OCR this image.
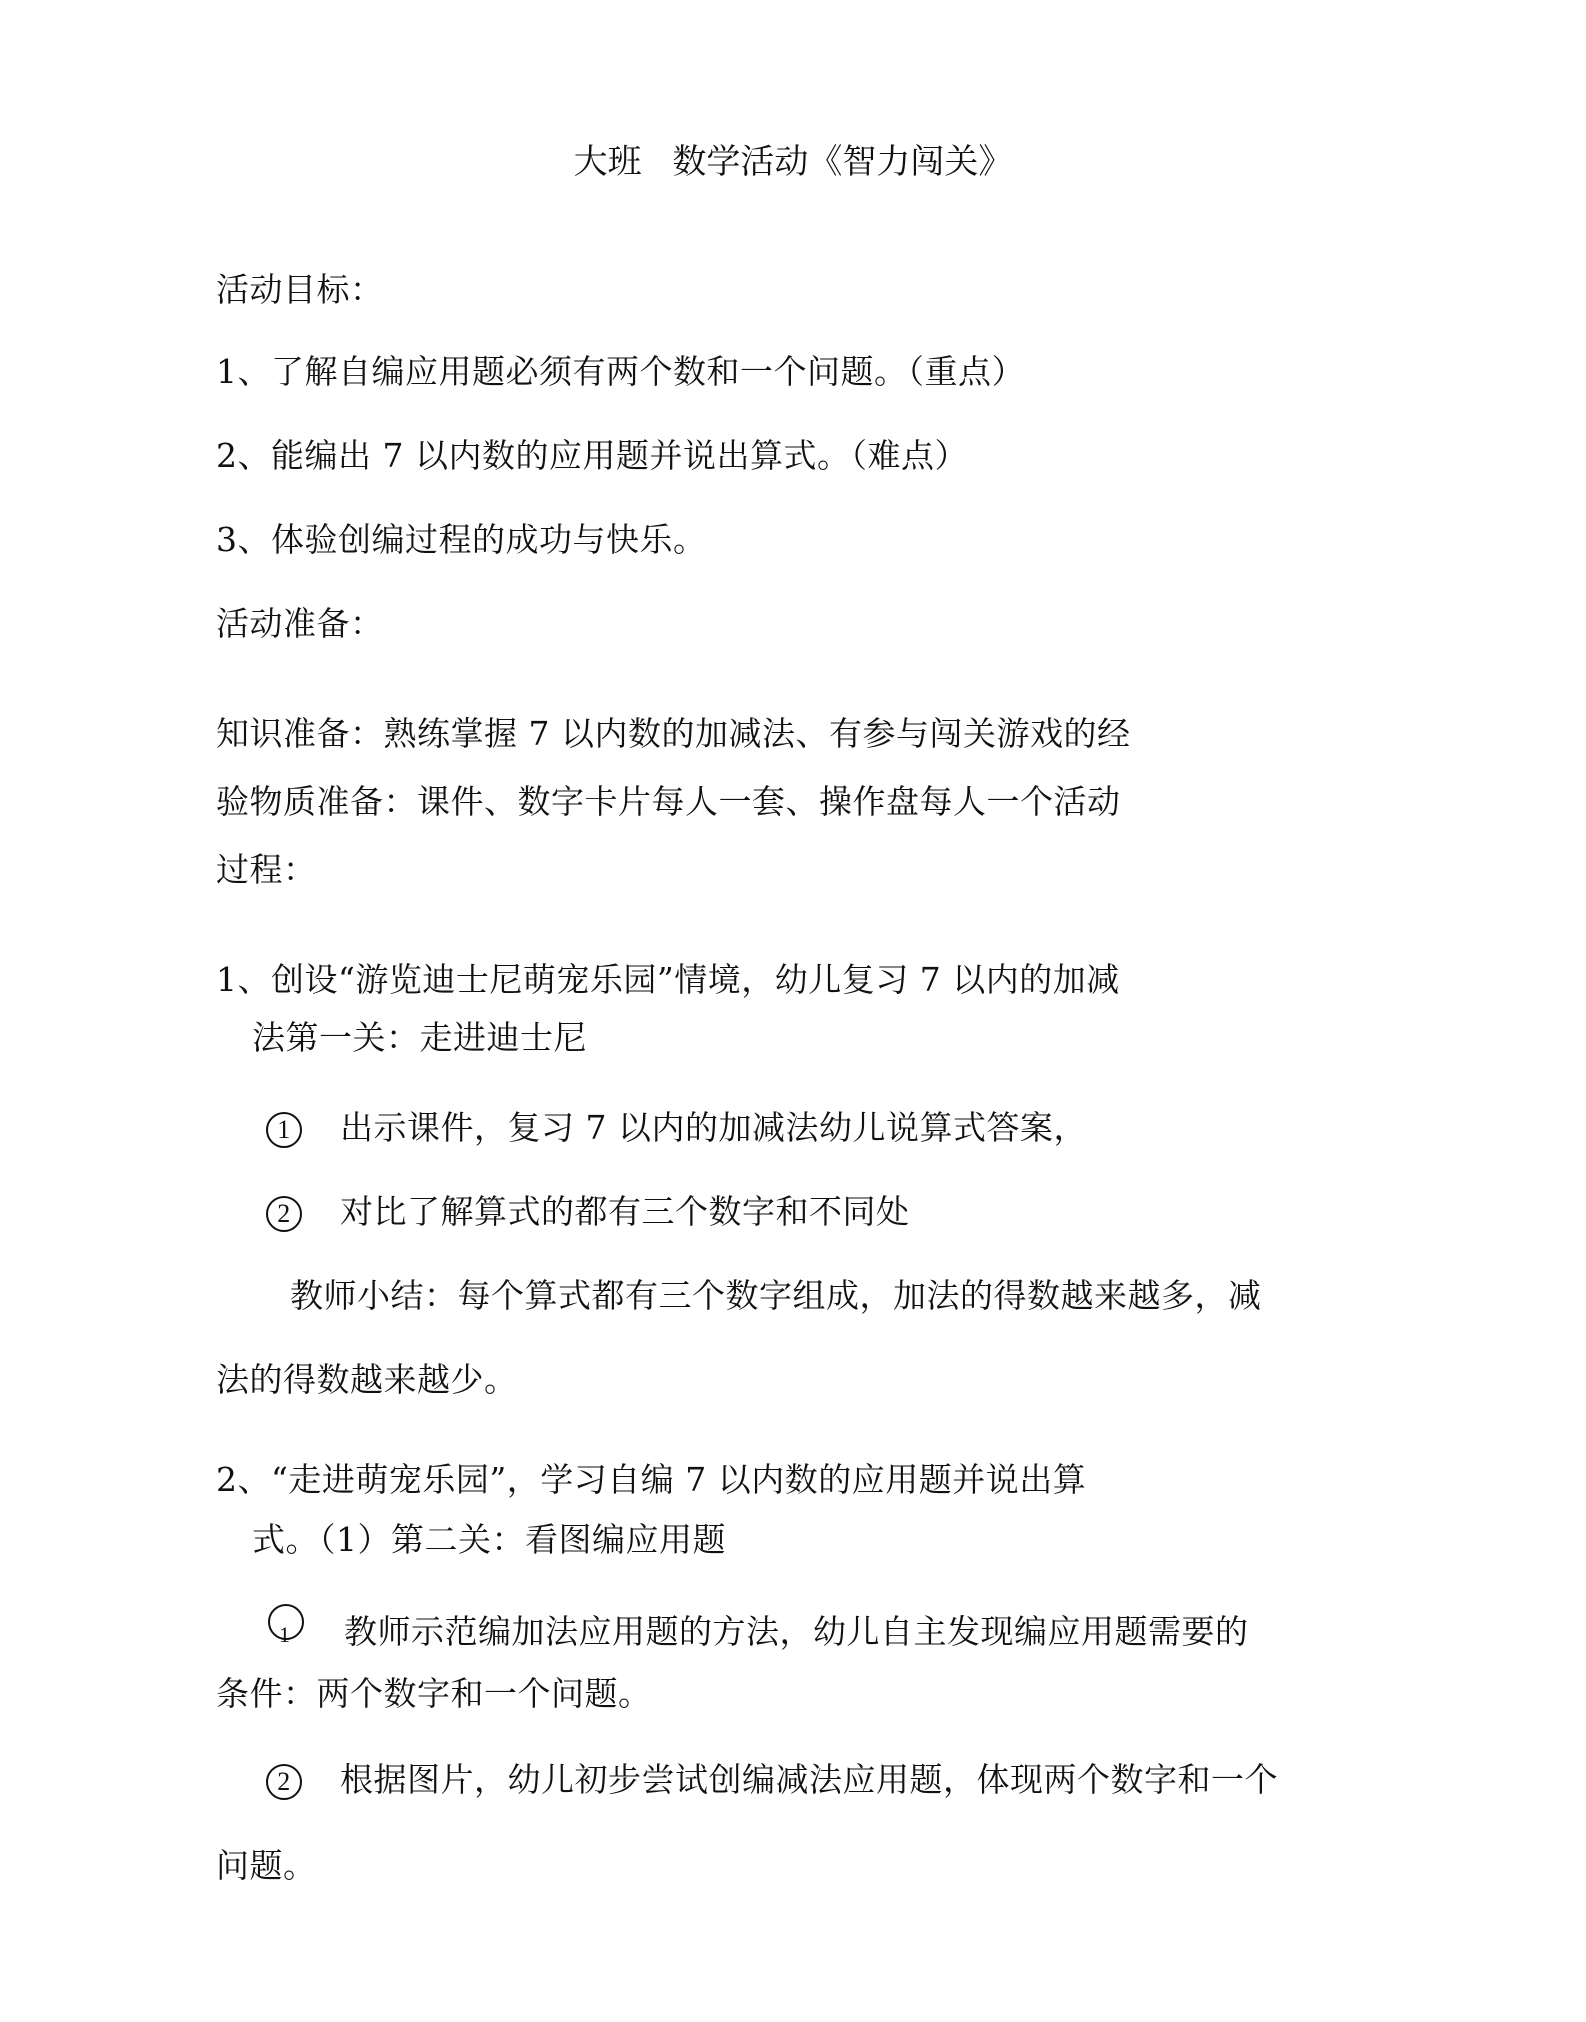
大班 数学活动《智力闯关》
活动目标：
1、了解自编应用题必须有两个数和一个问题。（重点）
2、能编出 7 以内数的应用题并说出算式。（难点）
3、体验创编过程的成功与快乐。
活动准备：
知识准备：熟练掌握 7 以内数的加减法、有参与闯关游戏的经
验物质准备：课件、数字卡片每人一套、操作盘每人一个活动
过程：
1、创设“游览迪士尼萌宠乐园”情境，幼儿复习 7 以内的加减
法第一关：走进迪士尼
1 出示课件，复习 7 以内的加减法幼儿说算式答案，
2 对比了解算式的都有三个数字和不同处
教师小结：每个算式都有三个数字组成，加法的得数越来越多，减
法的得数越来越少。
2、“走进萌宠乐园”，学习自编 7 以内数的应用题并说出算
式。（1）第二关：看图编应用题
1 教师示范编加法应用题的方法，幼儿自主发现编应用题需要的
条件：两个数字和一个问题。
2 根据图片，幼儿初步尝试创编减法应用题，体现两个数字和一个
问题。
